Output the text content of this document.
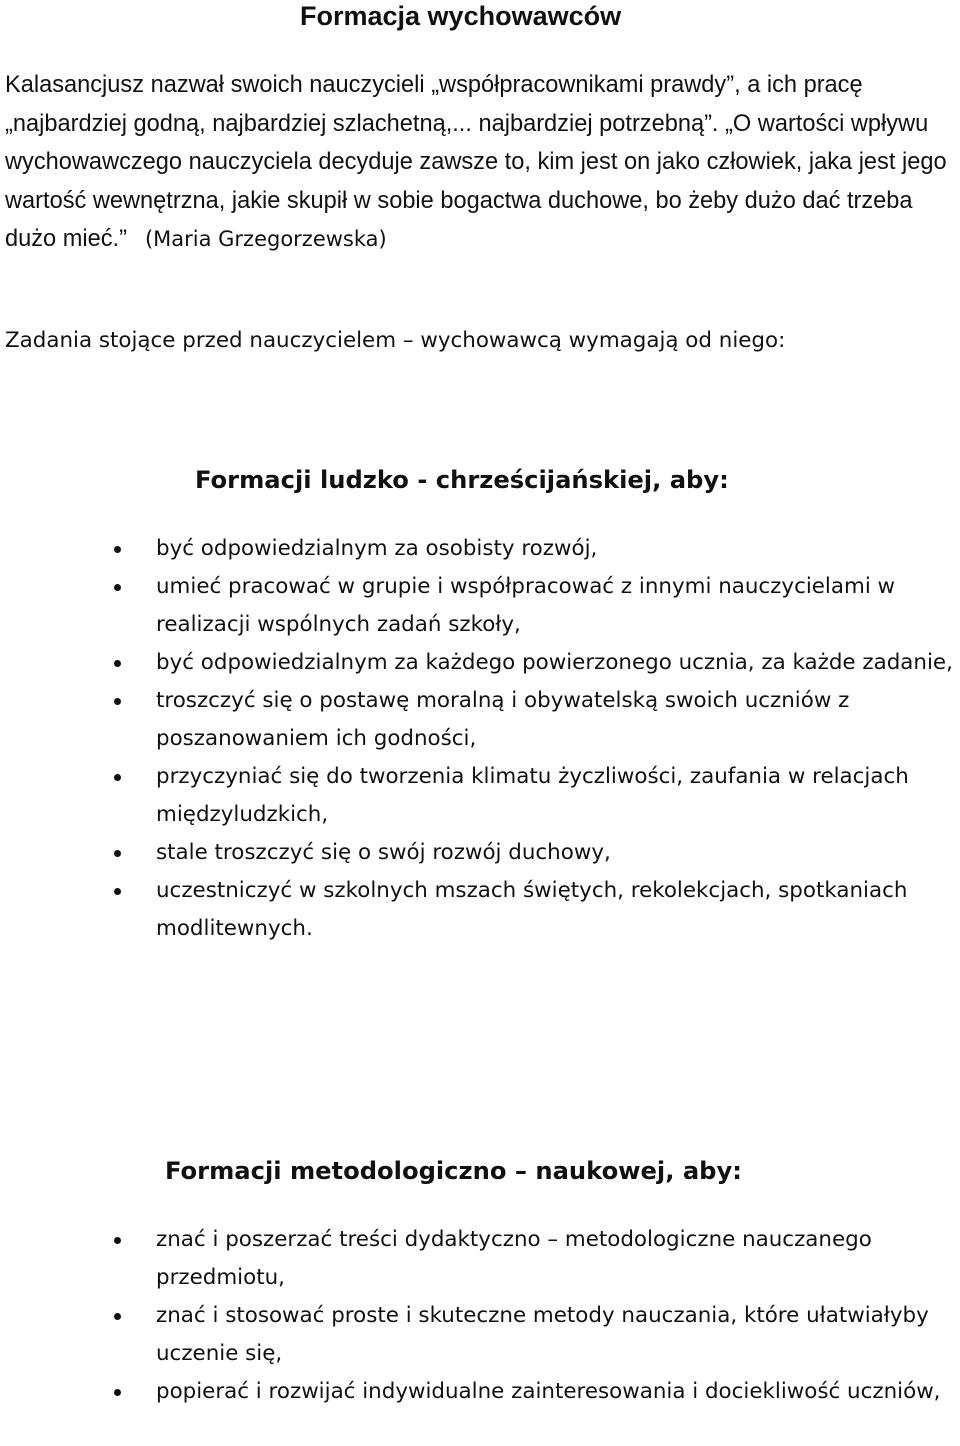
Formacja wychowawców

Kalasancjusz nazwał swoich nauczycieli „współpracownikami prawdy”, a ich pracę „najbardziej godną, najbardziej szlachetną,... najbardziej potrzebną”. „O wartości wpływu wychowawczego nauczyciela decyduje zawsze to, kim jest on jako człowiek, jaka jest jego wartość wewnętrzna, jakie skupił w sobie bogactwa duchowe, bo żeby dużo dać trzeba dużo mieć.” (Maria Grzegorzewska)

Zadania stojące przed nauczycielem – wychowawcą wymagają od niego:

Formacji ludzko - chrześcijańskiej, aby:
być odpowiedzialnym za osobisty rozwój,
umieć pracować w grupie i współpracować z innymi nauczycielami w realizacji wspólnych zadań szkoły,
być odpowiedzialnym za każdego powierzonego ucznia, za każde zadanie,
troszczyć się o postawę moralną i obywatelską swoich uczniów z poszanowaniem ich godności,
przyczyniać się do tworzenia klimatu życzliwości, zaufania w relacjach międzyludzkich,
stale troszczyć się o swój rozwój duchowy,
uczestniczyć w szkolnych mszach świętych, rekolekcjach, spotkaniach modlitewnych.
Formacji metodologiczno – naukowej, aby:
znać i poszerzać treści dydaktyczno – metodologiczne nauczanego przedmiotu,
znać i stosować proste i skuteczne metody nauczania, które ułatwiałyby uczenie się,
popierać i rozwijać indywidualne zainteresowania i dociekliwość uczniów,
